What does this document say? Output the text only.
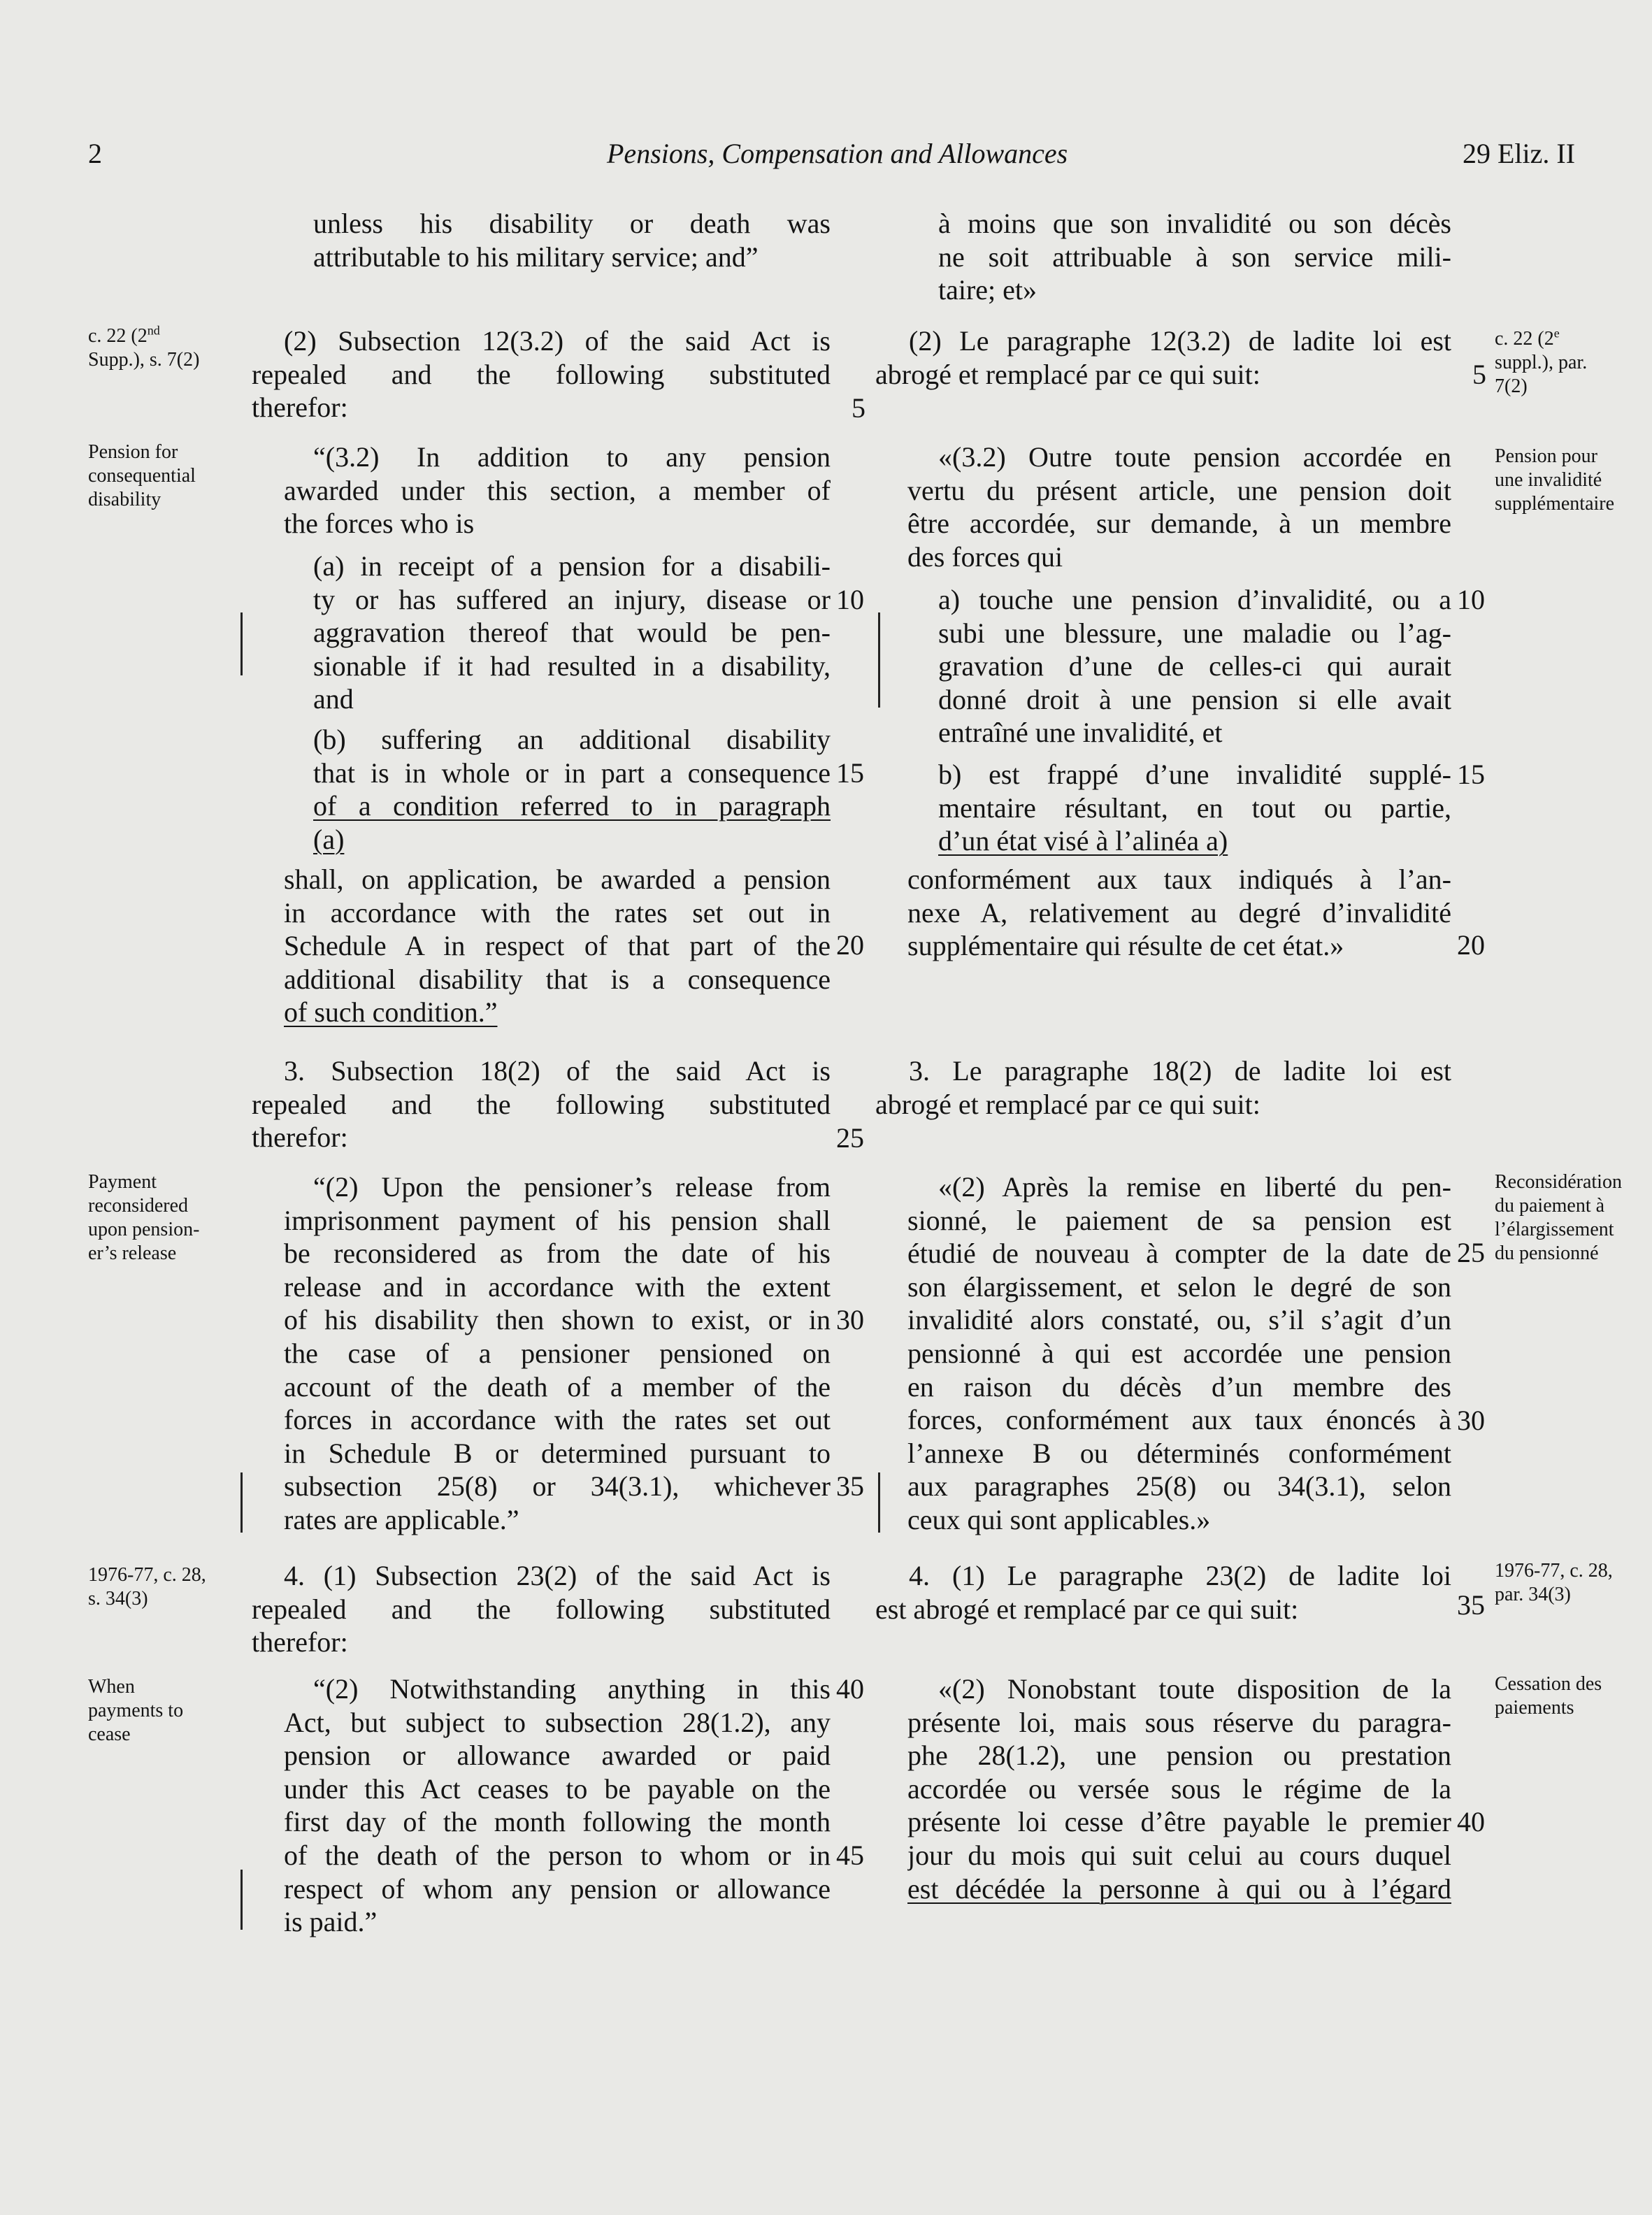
2	Pensions, Compensation and Allowances	29 Eliz. II
c. 22 (2nd
Supp.), s. 7(2)
Pension for
consequential
disability
Payment
reconsidered
upon pension-
er’s release
1976-77, c. 28,
s. 34(3)
When
payments to
cease
c. 22 (2e
suppl.), par.
7(2)
Pension pour
une invalidité
supplémentaire
Reconsidération
du paiement à
l’élargissement
du pensionné
1976-77, c. 28,
par. 34(3)
Cessation des
paiements
unless his disability or death was
attributable to his military service; and”
(2) Subsection 12(3.2) of the said Act is
repealed and the following substituted
therefor:
“(3.2) In addition to any pension
awarded under this section, a member of
the forces who is
(a) in receipt of a pension for a disabili-
ty or has suffered an injury, disease or
aggravation thereof that would be pen-
sionable if it had resulted in a disability,
and
(b) suffering an additional disability
that is in whole or in part a consequence
of a condition referred to in paragraph
(a)
shall, on application, be awarded a pension
in accordance with the rates set out in
Schedule A in respect of that part of the
additional disability that is a consequence
of such condition.”
3. Subsection 18(2) of the said Act is
repealed and the following substituted
therefor:
“(2) Upon the pensioner’s release from
imprisonment payment of his pension shall
be reconsidered as from the date of his
release and in accordance with the extent
of his disability then shown to exist, or in
the case of a pensioner pensioned on
account of the death of a member of the
forces in accordance with the rates set out
in Schedule B or determined pursuant to
subsection 25(8) or 34(3.1), whichever
rates are applicable.”
4. (1) Subsection 23(2) of the said Act is
repealed and the following substituted
therefor:
“(2) Notwithstanding anything in this
Act, but subject to subsection 28(1.2), any
pension or allowance awarded or paid
under this Act ceases to be payable on the
first day of the month following the month
of the death of the person to whom or in
respect of whom any pension or allowance
is paid.”
5
10
15
20
25
30
35
40
45
à moins que son invalidité ou son décès
ne soit attribuable à son service mili-
taire; et»
(2) Le paragraphe 12(3.2) de ladite loi est
abrogé et remplacé par ce qui suit:
«(3.2) Outre toute pension accordée en
vertu du présent article, une pension doit
être accordée, sur demande, à un membre
des forces qui
a) touche une pension d’invalidité, ou a
subi une blessure, une maladie ou l’ag-
gravation d’une de celles-ci qui aurait
donné droit à une pension si elle avait
entraîné une invalidité, et
b) est frappé d’une invalidité supplé-
mentaire résultant, en tout ou partie,
d’un état visé à l’alinéa a)
conformément aux taux indiqués à l’an-
nexe A, relativement au degré d’invalidité
supplémentaire qui résulte de cet état.»
3. Le paragraphe 18(2) de ladite loi est
abrogé et remplacé par ce qui suit:
«(2) Après la remise en liberté du pen-
sionné, le paiement de sa pension est
étudié de nouveau à compter de la date de
son élargissement, et selon le degré de son
invalidité alors constaté, ou, s’il s’agit d’un
pensionné à qui est accordée une pension
en raison du décès d’un membre des
forces, conformément aux taux énoncés à
l’annexe B ou déterminés conformément
aux paragraphes 25(8) ou 34(3.1), selon
ceux qui sont applicables.»
4. (1) Le paragraphe 23(2) de ladite loi
est abrogé et remplacé par ce qui suit:
«(2) Nonobstant toute disposition de la
présente loi, mais sous réserve du paragra-
phe 28(1.2), une pension ou prestation
accordée ou versée sous le régime de la
présente loi cesse d’être payable le premier
jour du mois qui suit celui au cours duquel
est décédée la personne à qui ou à l’égard
5
10
15
20
25
30
35
40
